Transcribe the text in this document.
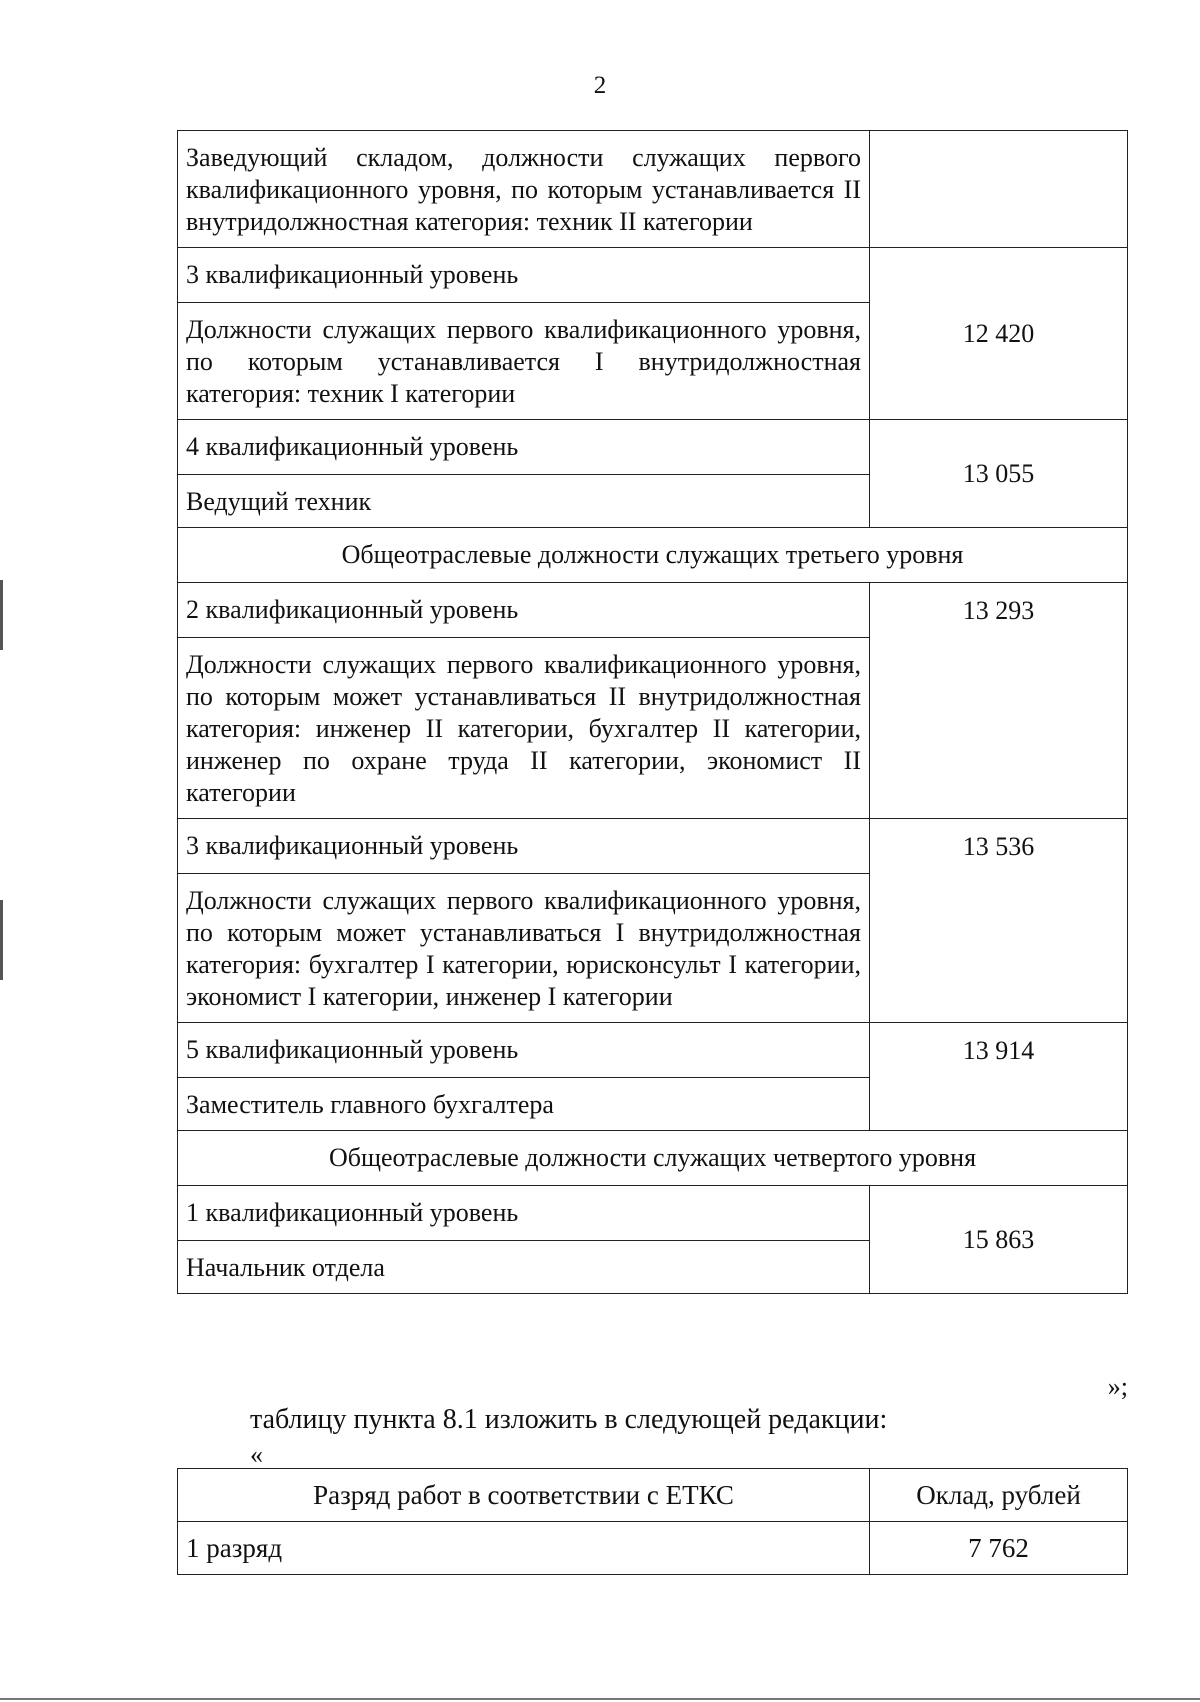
2
Заведующий складом, должности служащих первого квалификационного уровня, по которым устанавливается II внутридолжностная категория: техник II категории	
3 квалификационный уровень	12 420
Должности служащих первого квалификационного уровня, по которым устанавливается I внутридолжностная категория: техник I категории	
4 квалификационный уровень	13 055
Ведущий техник	
Общеотраслевые должности служащих третьего уровня	
2 квалификационный уровень	13 293
Должности служащих первого квалификационного уровня, по которым может устанавливаться II внутридолжностная категория: инженер II категории, бухгалтер II категории, инженер по охране труда II категории, экономист II категории	
3 квалификационный уровень	13 536
Должности служащих первого квалификационного уровня, по которым может устанавливаться I внутридолжностная категория: бухгалтер I категории, юрисконсульт I категории, экономист I категории, инженер I категории	
5 квалификационный уровень	13 914
Заместитель главного бухгалтера	
Общеотраслевые должности служащих четвертого уровня	
1 квалификационный уровень	15 863
Начальник отдела	
»;
таблицу пункта 8.1 изложить в следующей редакции:
«
Разряд работ в соответствии с ЕТКС	Оклад, рублей
1 разряд	7 762
